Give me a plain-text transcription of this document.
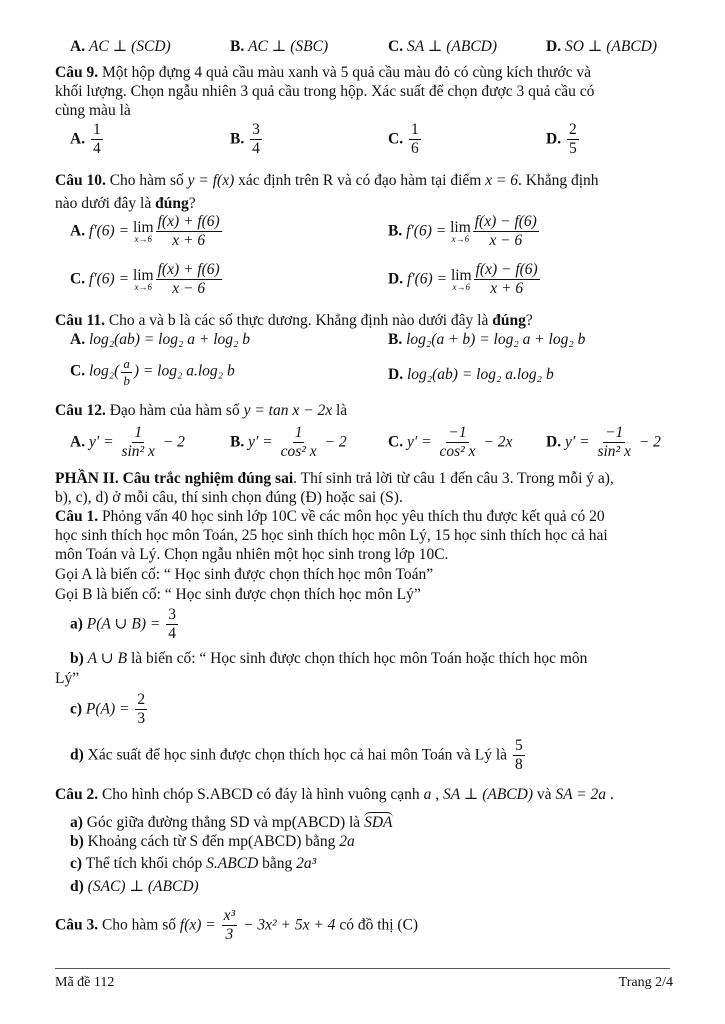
A. AC ⊥ (SCD)	B. AC ⊥ (SBC)	C. SA ⊥ (ABCD)	D. SO ⊥ (ABCD)
Câu 9. Một hộp đựng 4 quả cầu màu xanh và 5 quả cầu màu đỏ có cùng kích thước và
khối lượng. Chọn ngẫu nhiên 3 quả cầu trong hộp. Xác suất để chọn được 3 quả cầu có
cùng màu là
A. $\frac{1}{4}$	B. $\frac{3}{4}$	C. $\frac{1}{6}$	D. $\frac{2}{5}$
Câu 10. Cho hàm số y = f(x) xác định trên R và có đạo hàm tại điểm x = 6. Khẳng định
nào dưới đây là đúng?
A. f′(6) = lim
$x\to 6 \frac{f(x) + f(6)}{x + 6}$	B. f′(6) = lim
$x\to 6 \frac{f(x) - f(6)}{x - 6}$
C. f′(6) = lim
$x\to 6 \frac{f(x) + f(6)}{x - 6}$	D. f′(6) = lim
$x\to 6 \frac{f(x) - f(6)}{x + 6}$
Câu 11. Cho a và b là các số thực dương. Khẳng định nào dưới đây là đúng?
A. log₂(ab) = log₂ a + log₂ b	B. log₂(a + b) = log₂ a + log₂ b
C. $\log_2( \frac{a}{b}$ ) = log₂ a.log₂ b	D. log₂(ab) = log₂ a.log₂ b
Câu 12. Đạo hàm của hàm số y = tan x − 2x là
A. $y' = \frac{1}{\text{sin² x}} - 2$	B. $y' = \frac{1}{\text{cos² x}} - 2$	C. $y' = \frac{-1}{\text{cos² x}} - 2x$ D. $y' = \frac{-1}{\text{sin² x}} - 2$
PHẦN II. Câu trắc nghiệm đúng sai. Thí sinh trả lời từ câu 1 đến câu 3. Trong mỗi ý a),
b), c), d) ở mỗi câu, thí sinh chọn đúng (Đ) hoặc sai (S).
Câu 1. Phỏng vấn 40 học sinh lớp 10C về các môn học yêu thích thu được kết quả có 20
học sinh thích học môn Toán, 25 học sinh thích học môn Lý, 15 học sinh thích học cả hai
môn Toán và Lý. Chọn ngẫu nhiên một học sinh trong lớp 10C.
Gọi A là biến cố: “ Học sinh được chọn thích học môn Toán”
Gọi B là biến cố: “ Học sinh được chọn thích học môn Lý”
a) P(A ∪ $B) = \frac{3}{4}$
b) A ∪ B là biến cố: “ Học sinh được chọn thích học môn Toán hoặc thích học môn
Lý”
c) $P(A) = \frac{2}{3}$
d) Xác suất để học sinh được chọn thích học cả hai môn Toán và Lý là $\frac{5}{8}$
Câu 2. Cho hình chóp S.ABCD có đáy là hình vuông cạnh a , SA ⊥ (ABCD) và SA = 2a .
a) Góc giữa đường thẳng SD và mp(ABCD) là SDA
b) Khoảng cách từ S đến mp(ABCD) bằng 2a
c) Thể tích khối chóp S.ABCD bằng 2a³
d) (SAC) ⊥ (ABCD)
Câu 3. Cho hàm số $f(x) = \frac{\text{x³}}{3} - 3x^2 + 5x + 4$ có đồ thị (C)
Mã đề 112	Trang 2/4
